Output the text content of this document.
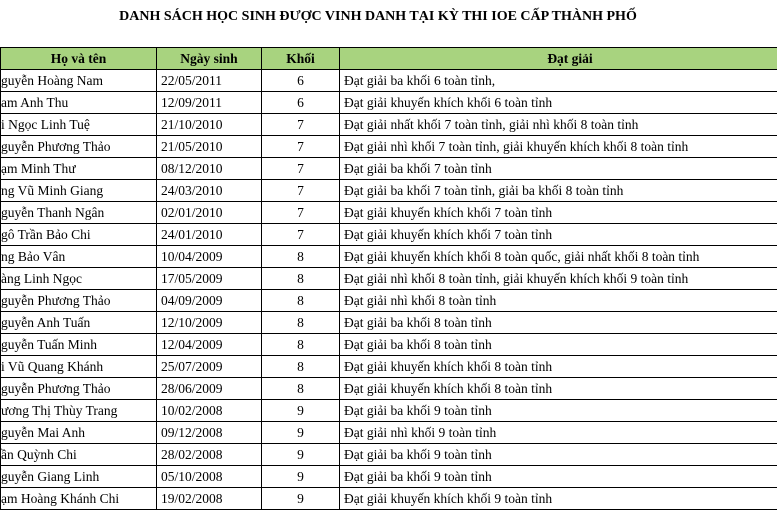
DANH SÁCH HỌC SINH ĐƯỢC VINH DANH TẠI KỲ THI IOE CẤP THÀNH PHỐ
Họ và tên	Ngày sinh	Khối	Đạt giải
guyễn Hoàng Nam	22/05/2011	6	Đạt giải ba khối 6 toàn tỉnh,
am Anh Thu	12/09/2011	6	Đạt giải khuyến khích khối 6 toàn tỉnh
i Ngọc Linh Tuệ	21/10/2010	7	Đạt giải nhất khối 7 toàn tỉnh, giải nhì khối 8 toàn tỉnh
guyễn Phương Thảo	21/05/2010	7	Đạt giải nhì khối 7 toàn tỉnh, giải khuyến khích khối 8 toàn tỉnh
ạm Minh Thư	08/12/2010	7	Đạt giải ba khối 7 toàn tỉnh
ng Vũ Minh Giang	24/03/2010	7	Đạt giải ba khối 7 toàn tỉnh, giải ba khối 8 toàn tỉnh
guyễn Thanh Ngân	02/01/2010	7	Đạt giải khuyến khích khối 7 toàn tỉnh
gô Trần Bảo Chi	24/01/2010	7	Đạt giải khuyến khích khối 7 toàn tỉnh
ng Bảo Vân	10/04/2009	8	Đạt giải khuyến khích khối 8 toàn quốc, giải nhất khối 8 toàn tỉnh
àng Linh Ngọc	17/05/2009	8	Đạt giải nhì khối 8 toàn tỉnh, giải khuyến khích khối 9 toàn tỉnh
guyễn Phương Thảo	04/09/2009	8	Đạt giải nhì khối 8 toàn tỉnh
guyễn Anh Tuấn	12/10/2009	8	Đạt giải ba khối 8 toàn tỉnh
guyễn Tuấn Minh	12/04/2009	8	Đạt giải ba khối 8 toàn tỉnh
i Vũ Quang Khánh	25/07/2009	8	Đạt giải khuyến khích khối 8 toàn tỉnh
guyễn Phương Thảo	28/06/2009	8	Đạt giải khuyến khích khối 8 toàn tỉnh
ương Thị Thùy Trang	10/02/2008	9	Đạt giải ba khối 9 toàn tỉnh
guyễn Mai Anh	09/12/2008	9	Đạt giải nhì khối 9 toàn tỉnh
ần Quỳnh Chi	28/02/2008	9	Đạt giải ba khối 9 toàn tỉnh
guyễn Giang Linh	05/10/2008	9	Đạt giải ba khối 9 toàn tỉnh
ạm Hoàng Khánh Chi	19/02/2008	9	Đạt giải khuyến khích khối 9 toàn tỉnh
